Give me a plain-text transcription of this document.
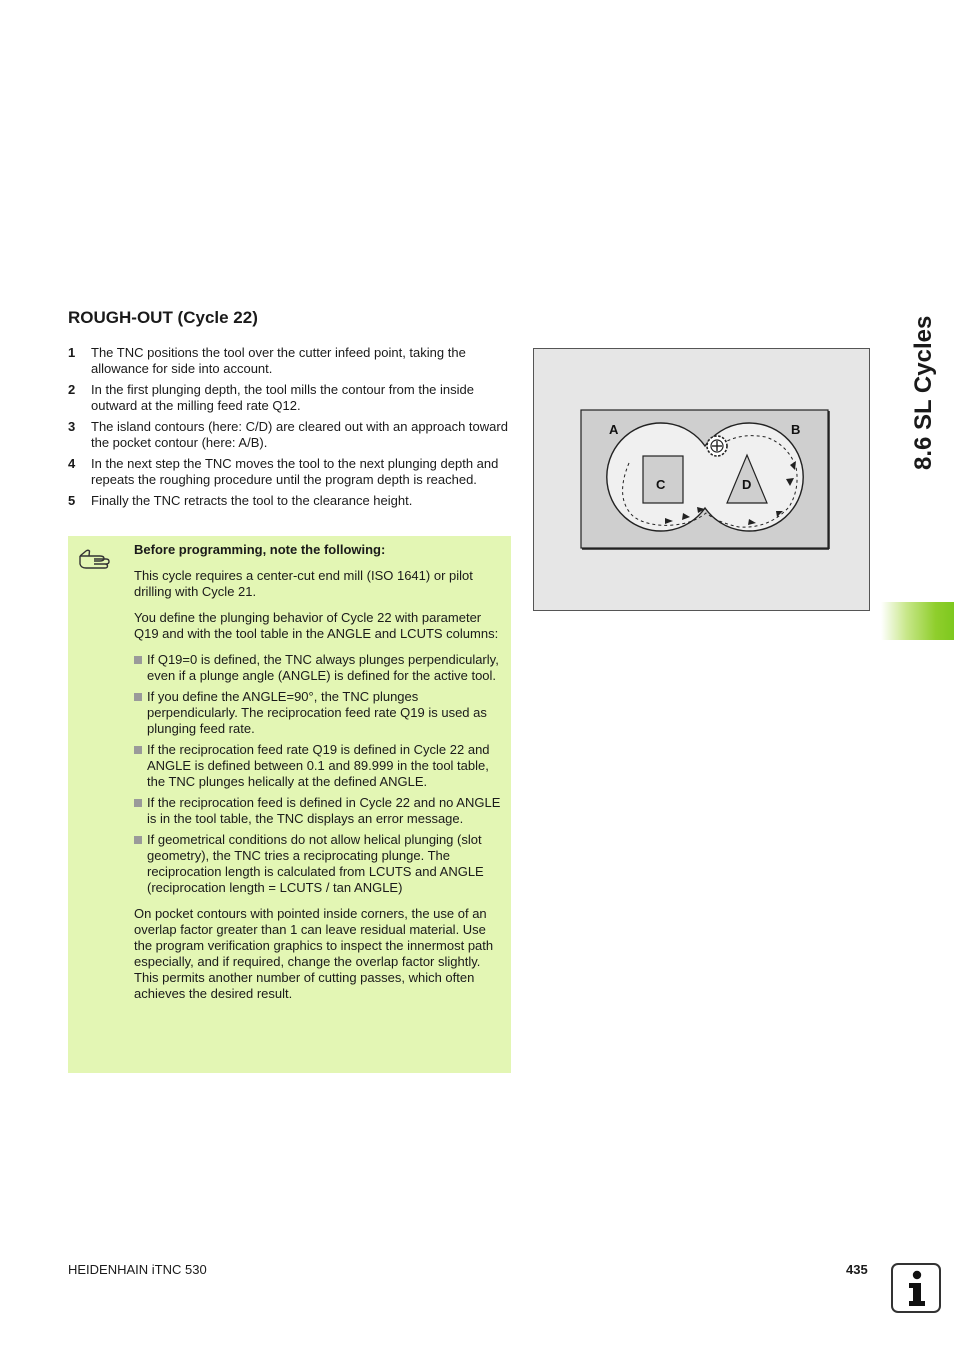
ROUGH-OUT (Cycle 22)
1 The TNC positions the tool over the cutter infeed point, taking the allowance for side into account.
2 In the first plunging depth, the tool mills the contour from the inside outward at the milling feed rate Q12.
3 The island contours (here: C/D) are cleared out with an approach toward the pocket contour (here: A/B).
4 In the next step the TNC moves the tool to the next plunging depth and repeats the roughing procedure until the program depth is reached.
5 Finally the TNC retracts the tool to the clearance height.

Before programming, note the following:

This cycle requires a center-cut end mill (ISO 1641) or pilot drilling with Cycle 21.

You define the plunging behavior of Cycle 22 with parameter Q19 and with the tool table in the ANGLE and LCUTS columns:

If Q19=0 is defined, the TNC always plunges perpendicularly, even if a plunge angle (ANGLE) is defined for the active tool.
If you define the ANGLE=90°, the TNC plunges perpendicularly. The reciprocation feed rate Q19 is used as plunging feed rate.
If the reciprocation feed rate Q19 is defined in Cycle 22 and ANGLE is defined between 0.1 and 89.999 in the tool table, the TNC plunges helically at the defined ANGLE.
If the reciprocation feed is defined in Cycle 22 and no ANGLE is in the tool table, the TNC displays an error message.
If geometrical conditions do not allow helical plunging (slot geometry), the TNC tries a reciprocating plunge. The reciprocation length is calculated from LCUTS and ANGLE (reciprocation length = LCUTS / tan ANGLE)

On pocket contours with pointed inside corners, the use of an overlap factor greater than 1 can leave residual material. Use the program verification graphics to inspect the innermost path especially, and if required, change the overlap factor slightly. This permits another number of cutting passes, which often achieves the desired result.

A	B
C	D
8.6 SL Cycles
HEIDENHAIN iTNC 530	435
